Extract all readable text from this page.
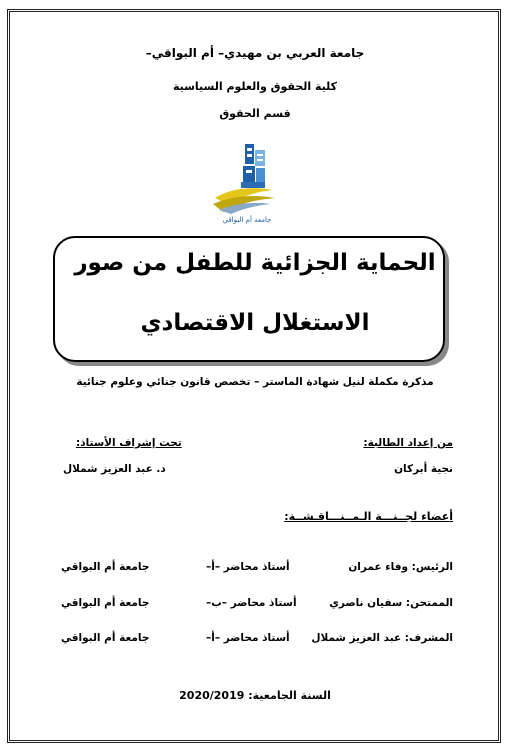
جامعة العربي بن مهيدي– أم البواقي–
كلية الحقوق والعلوم السياسية
قسم الحقوق
جامعة أم البواقي
الحماية الجزائية للطفل من صور
الاستغلال الاقتصادي
مذكرة مكملة لنيل شهادة الماستر – تخصص قانون جنائي وعلوم جنائية
من إعداد الطالبة:
نجية أبركان
تحت إشراف الأستاذ:
د. عبد العزيز شملال
أعضاء لجــنـــة الـمــنـــاقـشــة:
الرئيس: وفاء عمران
أستاذ محاضر –أ–
جامعة أم البواقي
الممتحن: سفيان ناصري
أستاذ محاضر –ب–
جامعة أم البواقي
المشرف: عبد العزيز شملال
أستاذ محاضر –أ–
جامعة أم البواقي
السنة الجامعية: 2020/2019
